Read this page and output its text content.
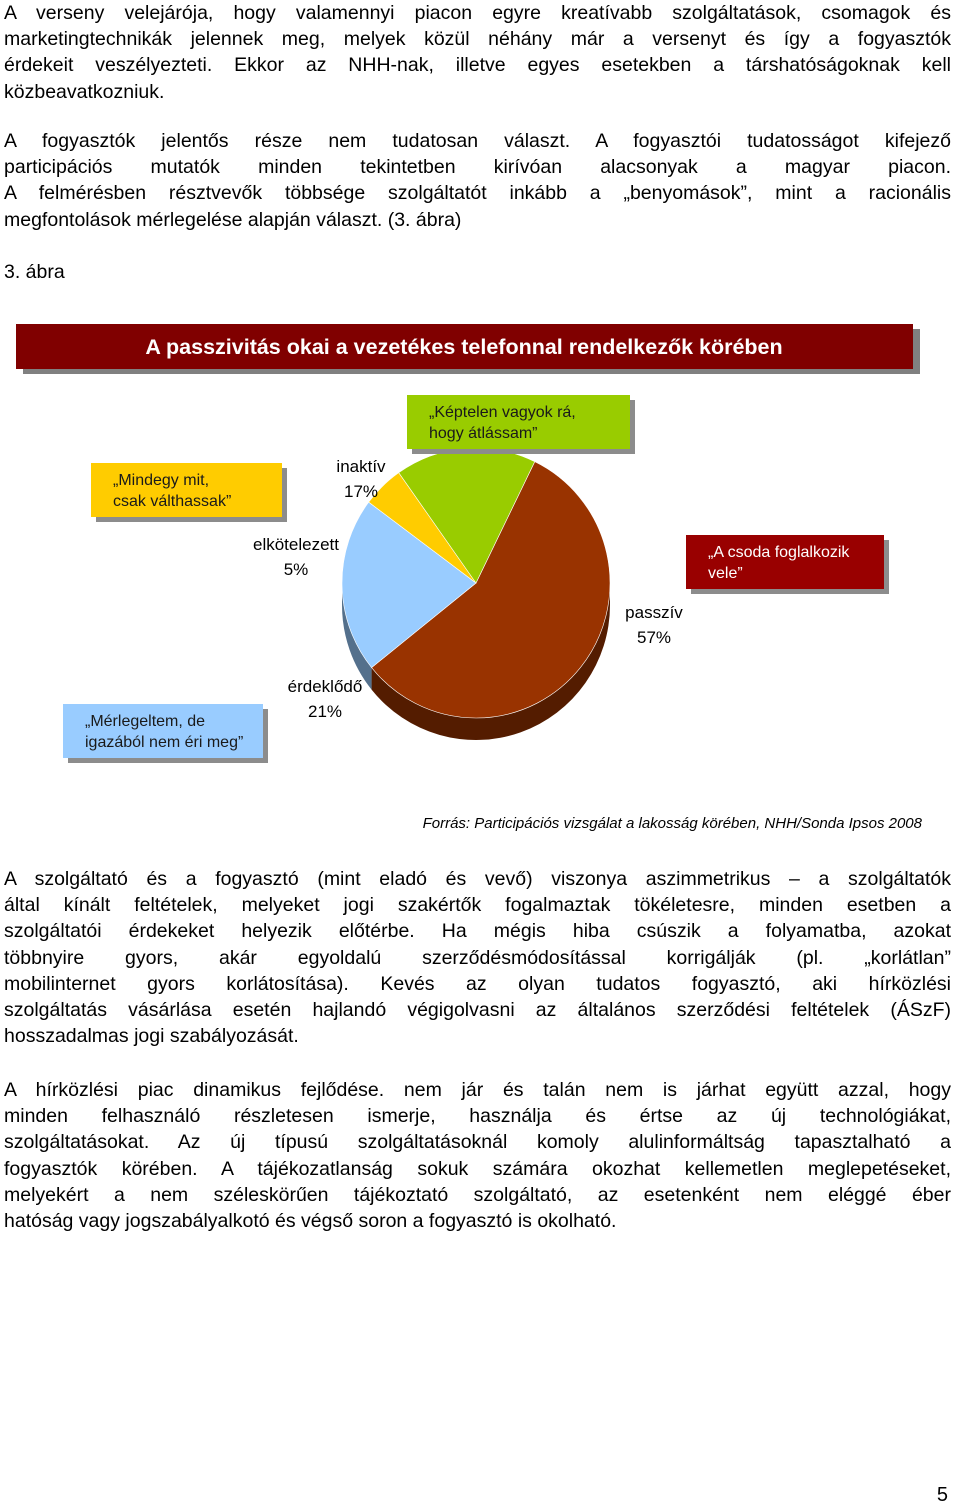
A verseny velejárója, hogy valamennyi piacon egyre kreatívabb szolgáltatások, csomagok és
marketingtechnikák jelennek meg, melyek közül néhány már a versenyt és így a fogyasztók
érdekeit veszélyezteti. Ekkor az NHH-nak, illetve egyes esetekben a társhatóságoknak kell
közbeavatkozniuk.
A fogyasztók jelentős része nem tudatosan választ. A fogyasztói tudatosságot kifejező
participációs mutatók minden tekintetben kirívóan alacsonyak a magyar piacon.
A felmérésben résztvevők többsége szolgáltatót inkább a „benyomások”, mint a racionális
megfontolások mérlegelése alapján választ. (3. ábra)
3. ábra
A passzivitás okai a vezetékes telefonnal rendelkezők körében
passzív
57%
érdeklődő
21%
elkötelezett
5%
inaktív
17%
„A csoda foglalkozik
vele”
„Mérlegeltem, de
igazából nem éri meg”
„Mindegy mit,
csak válthassak”
„Képtelen vagyok rá,
hogy átlássam”
Forrás: Participációs vizsgálat a lakosság körében, NHH/Sonda Ipsos 2008
A szolgáltató és a fogyasztó (mint eladó és vevő) viszonya aszimmetrikus – a szolgáltatók
által kínált feltételek, melyeket jogi szakértők fogalmaztak tökéletesre, minden esetben a
szolgáltatói érdekeket helyezik előtérbe. Ha mégis hiba csúszik a folyamatba, azokat
többnyire gyors, akár egyoldalú szerződésmódosítással korrigálják (pl. „korlátlan”
mobilinternet gyors korlátosítása). Kevés az olyan tudatos fogyasztó, aki hírközlési
szolgáltatás vásárlása esetén hajlandó végigolvasni az általános szerződési feltételek (ÁSzF)
hosszadalmas jogi szabályozását.
A hírközlési piac dinamikus fejlődése. nem jár és talán nem is járhat együtt azzal, hogy
minden felhasználó részletesen ismerje, használja és értse az új technológiákat,
szolgáltatásokat. Az új típusú szolgáltatásoknál komoly alulinformáltság tapasztalható a
fogyasztók körében. A tájékozatlanság sokuk számára okozhat kellemetlen meglepetéseket,
melyekért a nem széleskörűen tájékoztató szolgáltató, az esetenként nem eléggé éber
hatóság vagy jogszabályalkotó és végső soron a fogyasztó is okolható.
5
